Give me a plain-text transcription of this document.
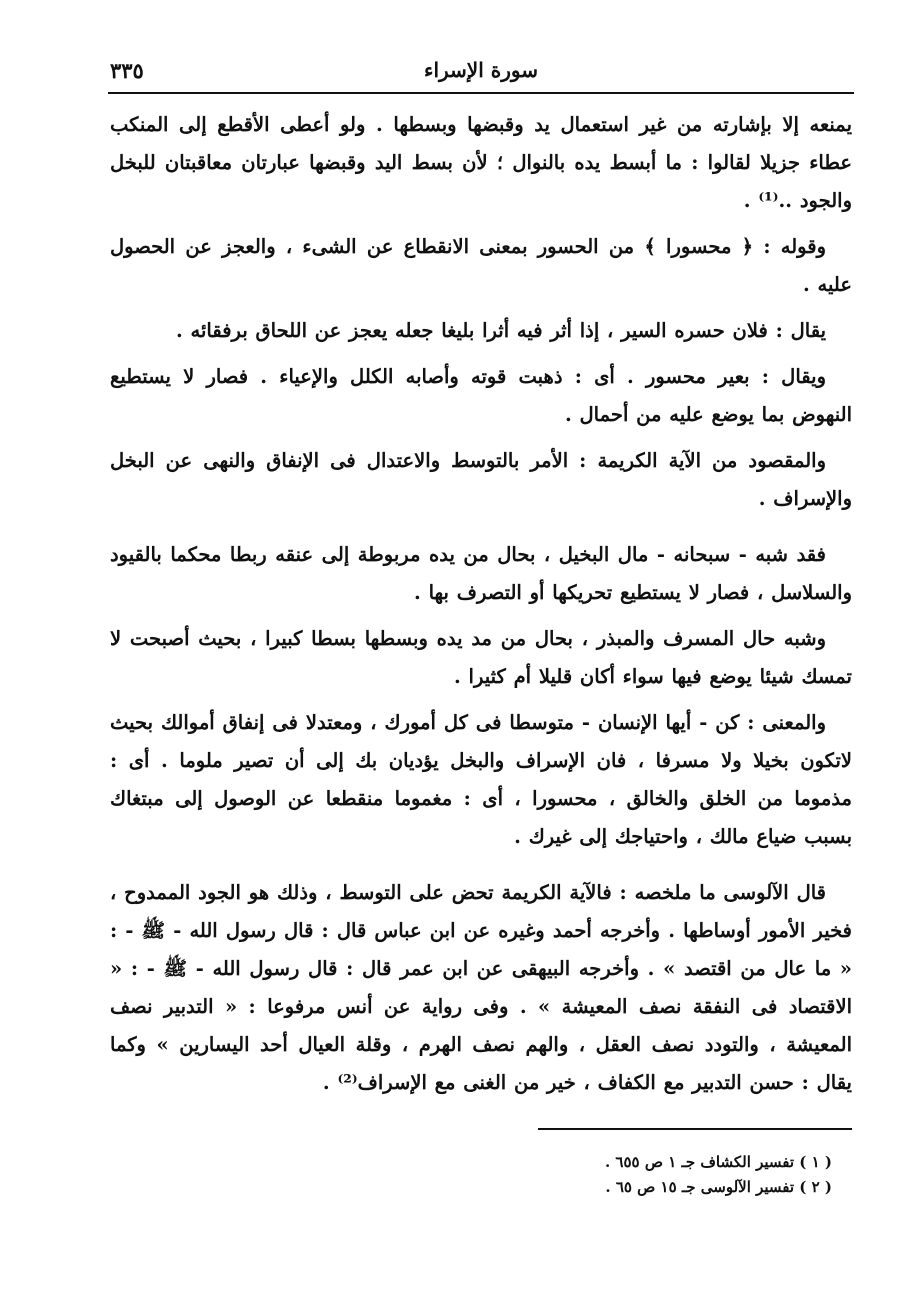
سورة الإسراء
٣٣٥

يمنعه إلا بإشارته من غير استعمال يد وقبضها وبسطها . ولو أعطى الأقطع إلى المنكب عطاء جزيلا لقالوا : ما أبسط يده بالنوال ؛ لأن بسط اليد وقبضها عبارتان معاقبتان للبخل والجود ..⁽¹⁾ .

وقوله : ﴿ محسورا ﴾ من الحسور بمعنى الانقطاع عن الشىء ، والعجز عن الحصول عليه .

يقال : فلان حسره السير ، إذا أثر فيه أثرا بليغا جعله يعجز عن اللحاق برفقائه .

ويقال : بعير محسور . أى : ذهبت قوته وأصابه الكلل والإعياء . فصار لا يستطيع النهوض بما يوضع عليه من أحمال .

والمقصود من الآية الكريمة : الأمر بالتوسط والاعتدال فى الإنفاق والنهى عن البخل والإسراف .

فقد شبه - سبحانه - مال البخيل ، بحال من يده مربوطة إلى عنقه ربطا محكما بالقيود والسلاسل ، فصار لا يستطيع تحريكها أو التصرف بها .

وشبه حال المسرف والمبذر ، بحال من مد يده وبسطها بسطا كبيرا ، بحيث أصبحت لا تمسك شيئا يوضع فيها سواء أكان قليلا أم كثيرا .

والمعنى : كن - أيها الإنسان - متوسطا فى كل أمورك ، ومعتدلا فى إنفاق أموالك بحيث لاتكون بخيلا ولا مسرفا ، فان الإسراف والبخل يؤديان بك إلى أن تصير ملوما . أى : مذموما من الخلق والخالق ، محسورا ، أى : مغموما منقطعا عن الوصول إلى مبتغاك بسبب ضياع مالك ، واحتياجك إلى غيرك .

قال الآلوسى ما ملخصه : فالآية الكريمة تحض على التوسط ، وذلك هو الجود الممدوح ، فخير الأمور أوساطها . وأخرجه أحمد وغيره عن ابن عباس قال : قال رسول الله - ﷺ - : « ما عال من اقتصد » . وأخرجه البيهقى عن ابن عمر قال : قال رسول الله - ﷺ - : « الاقتصاد فى النفقة نصف المعيشة » . وفى رواية عن أنس مرفوعا : « التدبير نصف المعيشة ، والتودد نصف العقل ، والهم نصف الهرم ، وقلة العيال أحد اليسارين » وكما يقال : حسن التدبير مع الكفاف ، خير من الغنى مع الإسراف⁽²⁾ .

( ١ ) تفسير الكشاف جـ ١ ص ٦٥٥ .
( ٢ ) تفسير الآلوسى جـ ١٥ ص ٦٥ .
